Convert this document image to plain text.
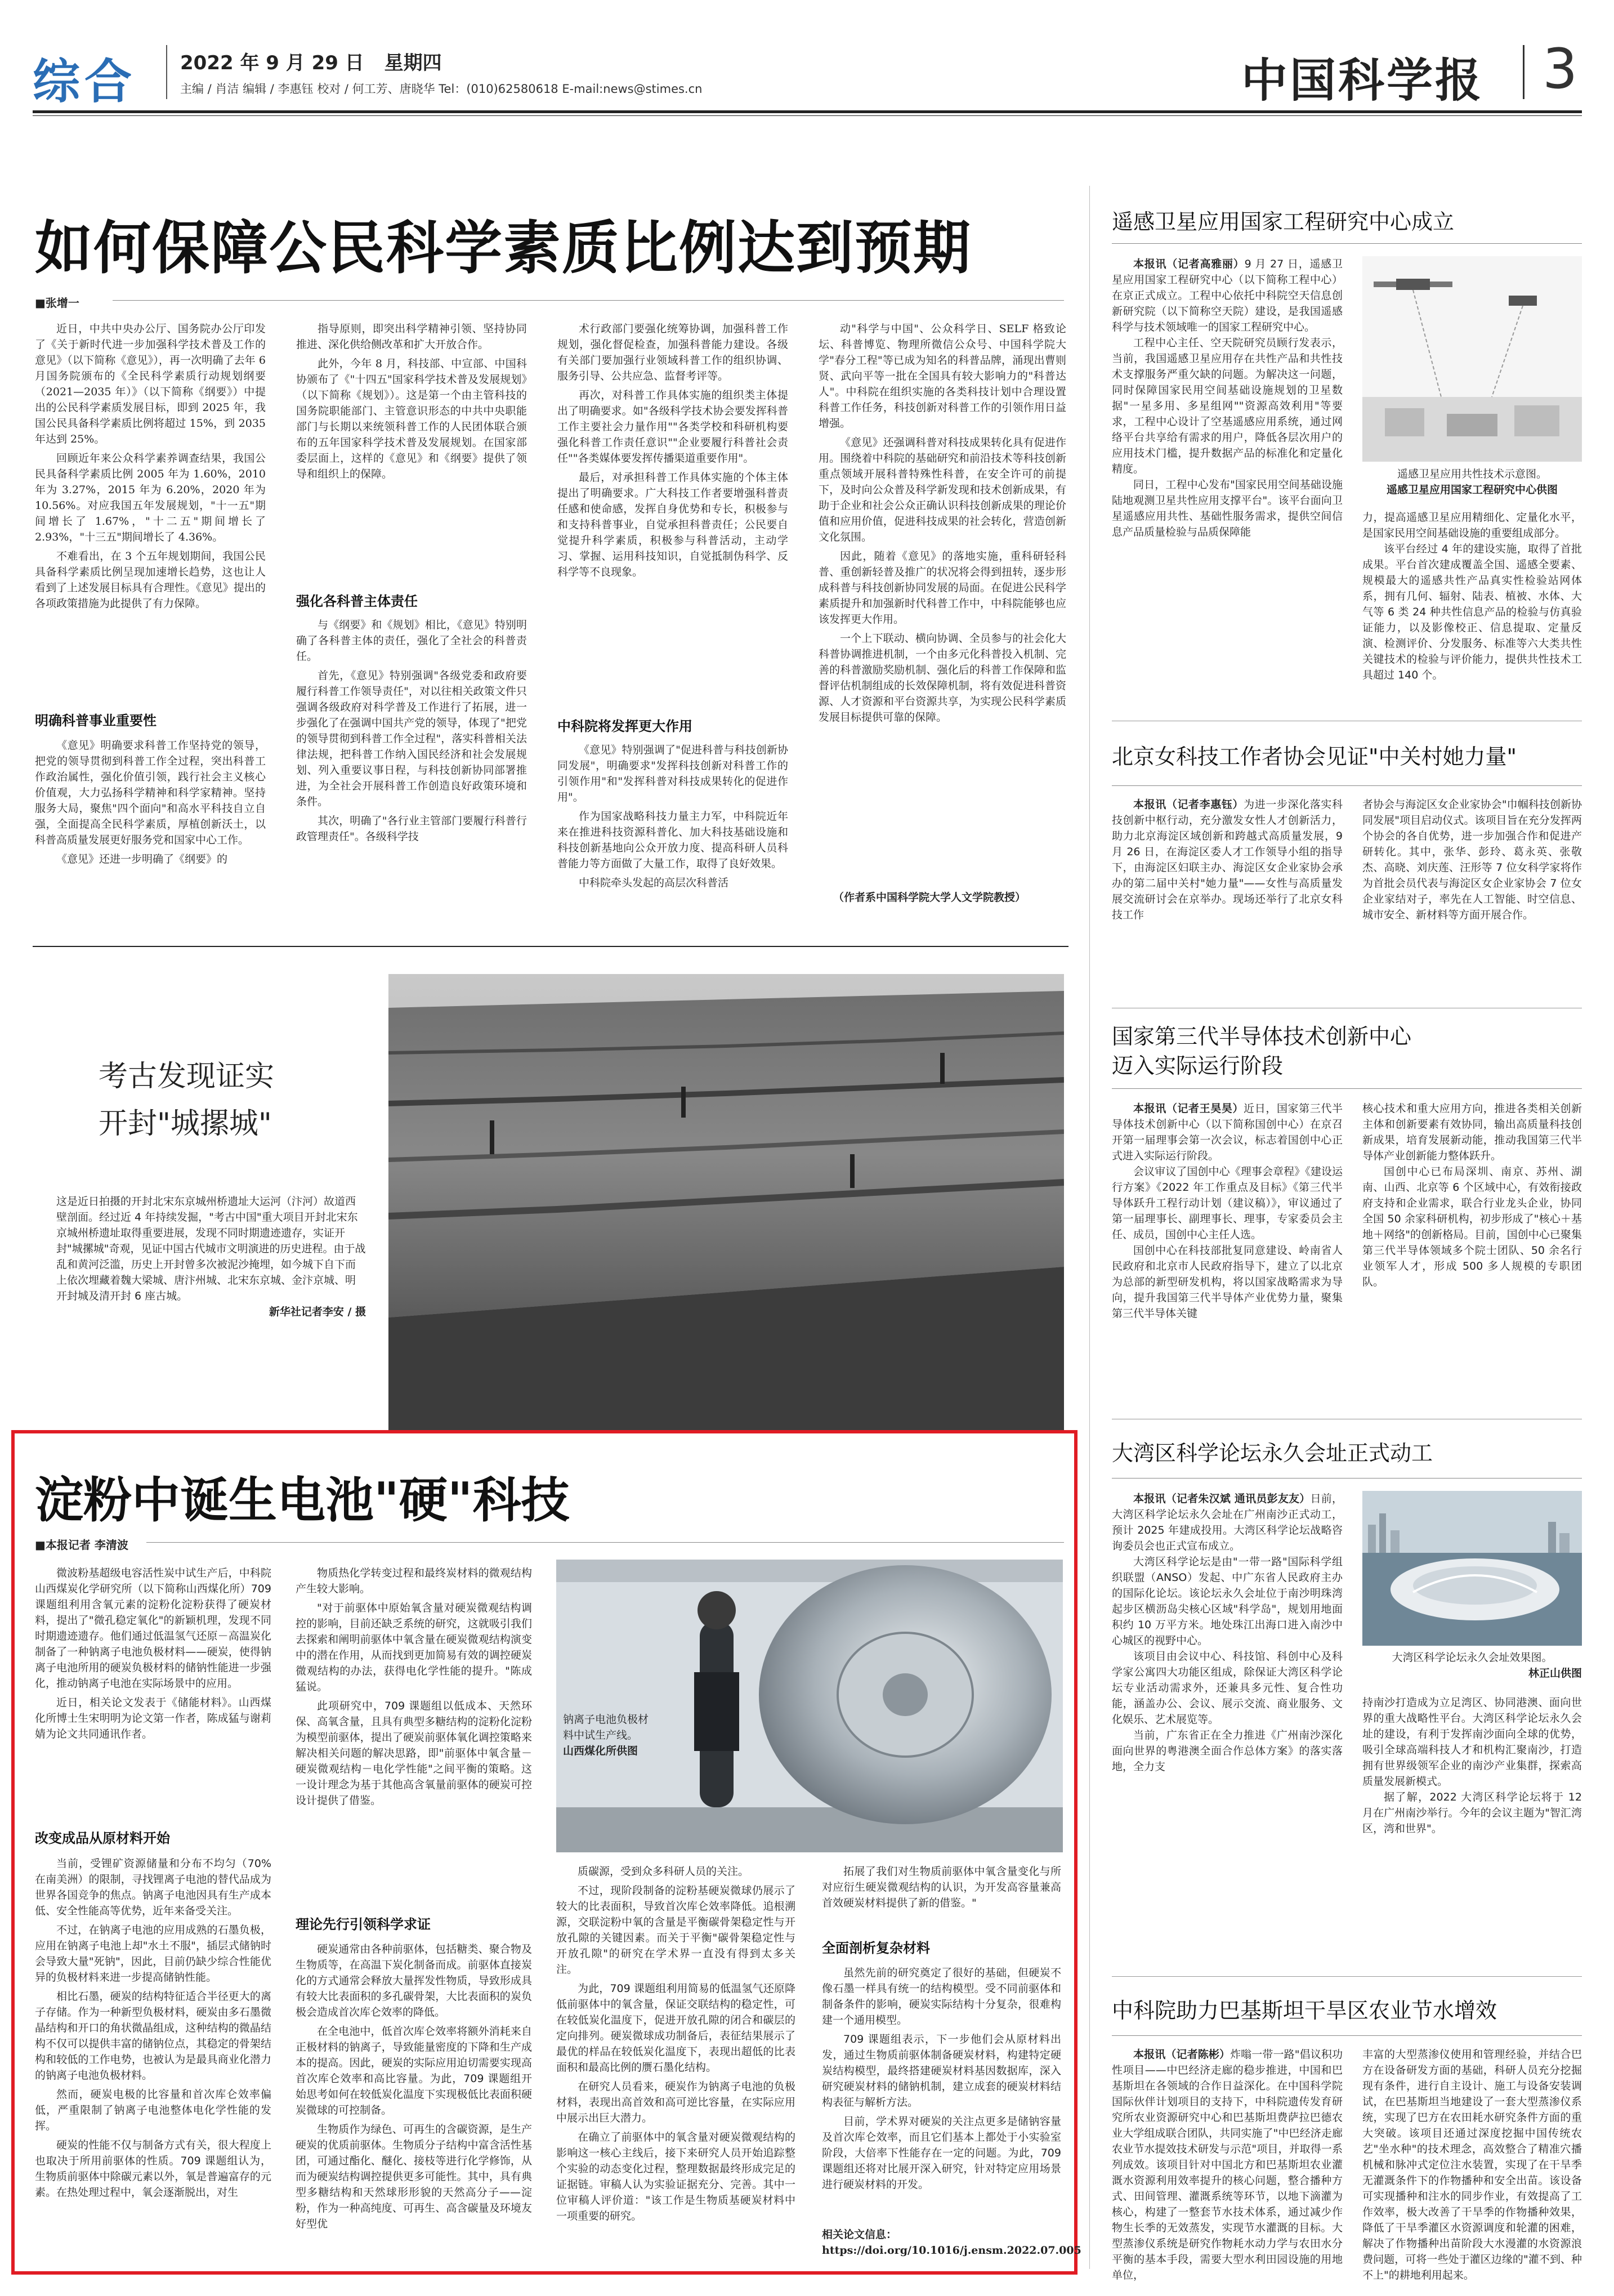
综合 2022 年 9 月 29 日 星期四
主编 / 肖洁 编辑 / 李惠钰 校对 / 何工芳、唐晓华 Tel：(010)62580618 E-mail:news@stimes.cn	中国科学报 3
如何保障公民科学素质比例达到预期
■张增一

近日，中共中央办公厅、国务院办公厅印发了《关于新时代进一步加强科学技术普及工作的意见》（以下简称《意见》），再一次明确了去年 6 月国务院颁布的《全民科学素质行动规划纲要（2021—2035 年）》（以下简称《纲要》）中提出的公民科学素质发展目标，即到 2025 年，我国公民具备科学素质比例将超过 15%，到 2035 年达到 25%。

回顾近年来公众科学素养调查结果，我国公民具备科学素质比例 2005 年为 1.60%，2010 年为 3.27%，2015 年为 6.20%，2020 年为 10.56%。对应我国五年发展规划，"十一五"期间增长了 1.67%，"十二五"期间增长了 2.93%，"十三五"期间增长了 4.36%。

不难看出，在 3 个五年规划期间，我国公民具备科学素质比例呈现加速增长趋势，这也让人看到了上述发展目标具有合理性。《意见》提出的各项政策措施为此提供了有力保障。

明确科普事业重要性

《意见》明确要求科普工作坚持党的领导，把党的领导贯彻到科普工作全过程，突出科普工作政治属性，强化价值引领，践行社会主义核心价值观，大力弘扬科学精神和科学家精神。坚持服务大局，聚焦"四个面向"和高水平科技自立自强，全面提高全民科学素质，厚植创新沃土，以科普高质量发展更好服务党和国家中心工作。

《意见》还进一步明确了《纲要》的

指导原则，即突出科学精神引领、坚持协同推进、深化供给侧改革和扩大开放合作。

此外，今年 8 月，科技部、中宣部、中国科协颁布了《"十四五"国家科学技术普及发展规划》（以下简称《规划》）。这是第一个由主管科技的国务院职能部门、主管意识形态的中共中央职能部门与长期以来统领科普工作的人民团体联合颁布的五年国家科学技术普及发展规划。在国家部委层面上，这样的《意见》和《纲要》提供了领导和组织上的保障。

强化各科普主体责任

与《纲要》和《规划》相比，《意见》特别明确了各科普主体的责任，强化了全社会的科普责任。

首先，《意见》特别强调"各级党委和政府要履行科普工作领导责任"，对以往相关政策文件只强调各级政府对科学普及工作进行了拓展，进一步强化了在强调中国共产党的领导，体现了"把党的领导贯彻到科普工作全过程"，落实科普相关法律法规，把科普工作纳入国民经济和社会发展规划、列入重要议事日程，与科技创新协同部署推进，为全社会开展科普工作创造良好政策环境和条件。

其次，明确了"各行业主管部门要履行科普行政管理责任"。各级科学技

术行政部门要强化统筹协调，加强科普工作规划，强化督促检查，加强科普能力建设。各级有关部门要加强行业领域科普工作的组织协调、服务引导、公共应急、监督考评等。

再次，对科普工作具体实施的组织类主体提出了明确要求。如"各级科学技术协会要发挥科普工作主要社会力量作用""各类学校和科研机构要强化科普工作责任意识""企业要履行科普社会责任""各类媒体要发挥传播渠道重要作用"。

最后，对承担科普工作具体实施的个体主体提出了明确要求。广大科技工作者要增强科普责任感和使命感，发挥自身优势和专长，积极参与和支持科普事业，自觉承担科普责任；公民要自觉提升科学素质，积极参与科普活动，主动学习、掌握、运用科技知识，自觉抵制伪科学、反科学等不良现象。

中科院将发挥更大作用

《意见》特别强调了"促进科普与科技创新协同发展"，明确要求"发挥科技创新对科普工作的引领作用"和"发挥科普对科技成果转化的促进作用"。

作为国家战略科技力量主力军，中科院近年来在推进科技资源科普化、加大科技基础设施和科技创新基地向公众开放力度、提高科研人员科普能力等方面做了大量工作，取得了良好效果。

中科院牵头发起的高层次科普活

动"科学与中国"、公众科学日、SELF 格致论坛、科普博览、物理所微信公众号、中国科学院大学"春分工程"等已成为知名的科普品牌，涌现出曹则贤、武向平等一批在全国具有较大影响力的"科普达人"。中科院在组织实施的各类科技计划中合理设置科普工作任务，科技创新对科普工作的引领作用日益增强。

《意见》还强调科普对科技成果转化具有促进作用。围绕着中科院的基础研究和前沿技术等科技创新重点领域开展科普特殊性科普，在安全许可的前提下，及时向公众普及科学新发现和技术创新成果，有助于企业和社会公众正确认识科技创新成果的理论价值和应用价值，促进科技成果的社会转化，营造创新文化氛围。

因此，随着《意见》的落地实施，重科研轻科普、重创新轻普及推广的状况将会得到扭转，逐步形成科普与科技创新协同发展的局面。在促进公民科学素质提升和加强新时代科普工作中，中科院能够也应该发挥更大作用。

一个上下联动、横向协调、全员参与的社会化大科普协调推进机制，一个由多元化科普投入机制、完善的科普激励奖励机制、强化后的科普工作保障和监督评估机制组成的长效保障机制，将有效促进科普资源、人才资源和平台资源共享，为实现公民科学素质发展目标提供可靠的保障。

（作者系中国科学院大学人文学院教授）
考古发现证实
开封"城摞城"
这是近日拍摄的开封北宋东京城州桥遗址大运河（汴河）故道西壁剖面。经过近 4 年持续发掘，"考古中国"重大项目开封北宋东京城州桥遗址取得重要进展，发现不同时期遗迹遗存，实证开封"城摞城"奇观，见证中国古代城市文明演进的历史进程。由于战乱和黄河泛滥，历史上开封曾多次被泥沙掩埋，如今城下自下而上依次埋藏着魏大梁城、唐汴州城、北宋东京城、金汴京城、明开封城及清开封 6 座古城。
新华社记者李安 / 摄
淀粉中诞生电池"硬"科技
■本报记者 李清波

微波粉基超级电容活性炭中试生产后，中科院山西煤炭化学研究所（以下简称山西煤化所）709 课题组利用含氧元素的淀粉化淀粉获得了硬炭材料，提出了"微孔稳定氧化"的新颖机理，发现不同时期遗迹遗存。他们通过低温氢气还原－高温炭化制备了一种钠离子电池负极材料——硬炭，使得钠离子电池所用的硬炭负极材料的储钠性能进一步强化，推动钠离子电池在实际场景中的应用。

近日，相关论文发表于《储能材料》。山西煤化所博士生宋明明为论文第一作者，陈成猛与谢莉婧为论文共同通讯作者。

改变成品从原材料开始

当前，受锂矿资源储量和分布不均匀（70%在南美洲）的限制，寻找锂离子电池的替代品成为世界各国竞争的焦点。钠离子电池因具有生产成本低、安全性能高等优势，近年来备受关注。

不过，在钠离子电池的应用成熟的石墨负极，应用在钠离子电池上却"水土不服"，插层式储钠时会导致大量"死钠"，因此，目前仍缺少综合性能优异的负极材料来进一步提高储钠性能。

相比石墨，硬炭的结构特征适合半径更大的离子存储。作为一种新型负极材料，硬炭由多石墨微晶结构和开口的角状微晶组成，这种结构的微晶结构不仅可以提供丰富的储钠位点，其稳定的骨架结构和较低的工作电势，也被认为是最具商业化潜力的钠离子电池负极材料。

然而，硬炭电极的比容量和首次库仑效率偏低，严重限制了钠离子电池整体电化学性能的发挥。

硬炭的性能不仅与制备方式有关，很大程度上也取决于所用前驱体的性质。709 课题组认为，生物质前驱体中除碳元素以外，氧是普遍富存的元素。在热处理过程中，氧会逐渐脱出，对生

物质热化学转变过程和最终炭材料的微观结构产生较大影响。

"对于前驱体中原始氧含量对硬炭微观结构调控的影响，目前还缺乏系统的研究，这就吸引我们去探索和阐明前驱体中氧含量在硬炭微观结构演变中的潜在作用，从而找到更加简易有效的调控硬炭微观结构的办法，获得电化学性能的提升。"陈成猛说。

此项研究中，709 课题组以低成本、天然环保、高氧含量，且具有典型多糖结构的淀粉化淀粉为模型前驱体，提出了硬炭前驱体氧化调控策略来解决相关问题的解决思路，即"前驱体中氧含量－硬炭微观结构－电化学性能"之间平衡的策略。这一设计理念为基于其他高含氧量前驱体的硬炭可控设计提供了借鉴。

理论先行引领科学求证

硬炭通常由各种前驱体，包括糖类、聚合物及生物质等，在高温下炭化制备而成。前驱体直接炭化的方式通常会释放大量挥发性物质，导致形成具有较大比表面积的多孔碳骨架，大比表面积的炭负极会造成首次库仑效率的降低。

在全电池中，低首次库仑效率将额外消耗来自正极材料的钠离子，导致能量密度的下降和生产成本的提高。因此，硬炭的实际应用迫切需要实现高首次库仑效率和高比容量。为此，709 课题组开始思考如何在较低炭化温度下实现极低比表面积硬炭微球的可控制备。

生物质作为绿色、可再生的含碳资源，是生产硬炭的优质前驱体。生物质分子结构中富含活性基团，可通过酯化、醚化、接枝等进行化学修饰，从而为硬炭结构调控提供更多可能性。其中，具有典型多糖结构和天然球形形貌的天然高分子——淀粉，作为一种高纯度、可再生、高含碳量及环境友好型优

钠离子电池负极材料中试生产线。
山西煤化所供图

质碳源，受到众多科研人员的关注。

不过，现阶段制备的淀粉基硬炭微球仍展示了较大的比表面积，导致首次库仑效率降低。追根溯源，交联淀粉中氧的含量是平衡碳骨架稳定性与开放孔隙的关键因素。而关于平衡"碳骨架稳定性与开放孔隙"的研究在学术界一直没有得到太多关注。

为此，709 课题组利用简易的低温氢气还原降低前驱体中的氧含量，保证交联结构的稳定性，可在较低炭化温度下，促进开放孔隙的闭合和碳层的定向排列。硬炭微球成功制备后，表征结果展示了最优的样品在较低炭化温度下，表现出超低的比表面积和最高比例的赝石墨化结构。

在研究人员看来，硬炭作为钠离子电池的负极材料，表现出高首效和高可逆比容量，在实际应用中展示出巨大潜力。

在确立了前驱体中的氧含量对硬炭微观结构的影响这一核心主线后，接下来研究人员开始追踪整个实验的动态变化过程，整理数据最终形成完足的证据链。审稿人认为实验证据充分、完善。其中一位审稿人评价道："该工作是生物质基硬炭材料中一项重要的研究。

拓展了我们对生物质前驱体中氧含量变化与所对应衍生硬炭微观结构的认识，为开发高容量兼高首效硬炭材料提供了新的借鉴。"

全面剖析复杂材料

虽然先前的研究奠定了很好的基础，但硬炭不像石墨一样具有统一的结构模型。受不同前驱体和制备条件的影响，硬炭实际结构十分复杂，很难构建一个通用模型。

709 课题组表示，下一步他们会从原材料出发，通过生物质前驱体制备硬炭材料，构建特定硬炭结构模型，最终搭建硬炭材料基因数据库，深入研究硬炭材料的储钠机制，建立成套的硬炭材料结构表征与解析方法。

目前，学术界对硬炭的关注点更多是储钠容量及首次库仑效率，而且它们基本上都处于小实验室阶段，大倍率下性能存在一定的问题。为此，709 课题组还将对比展开深入研究，针对特定应用场景进行硬炭材料的开发。

相关论文信息：https://doi.org/10.1016/j.ensm.2022.07.005
遥感卫星应用国家工程研究中心成立

本报讯（记者高雅丽）9 月 27 日，遥感卫星应用国家工程研究中心（以下简称工程中心）在京正式成立。工程中心依托中科院空天信息创新研究院（以下简称空天院）建设，是我国遥感科学与技术领域唯一的国家工程研究中心。

工程中心主任、空天院研究员顾行发表示，当前，我国遥感卫星应用存在共性产品和共性技术支撑服务严重欠缺的问题。为解决这一问题，同时保障国家民用空间基础设施规划的卫星数据"一星多用、多星组网""资源高效利用"等要求，工程中心设计了空基遥感应用系统，通过网络平台共享给有需求的用户，降低各层次用户的应用技术门槛，提升数据产品的标准化和定量化精度。

同日，工程中心发布"国家民用空间基础设施陆地观测卫星共性应用支撑平台"。该平台面向卫星遥感应用共性、基础性服务需求，提供空间信息产品质量检验与品质保障能

遥感卫星应用共性技术示意图。
遥感卫星应用国家工程研究中心供图

力，提高遥感卫星应用精细化、定量化水平，是国家民用空间基础设施的重要组成部分。

该平台经过 4 年的建设实施，取得了首批成果。平台首次建成覆盖全国、遥感全要素、规模最大的遥感共性产品真实性检验站网体系，拥有几何、辐射、陆表、植被、水体、大气等 6 类 24 种共性信息产品的检验与仿真验证能力，以及影像校正、信息提取、定量反演、检测评价、分发服务、标准等六大类共性关键技术的检验与评价能力，提供共性技术工具超过 140 个。

北京女科技工作者协会见证"中关村她力量"

本报讯（记者李惠钰）为进一步深化落实科技创新中枢行动，充分激发女性人才创新活力，助力北京海淀区域创新和跨越式高质量发展，9 月 26 日，在海淀区委人才工作领导小组的指导下，由海淀区妇联主办、海淀区女企业家协会承办的第二届中关村"她力量"——女性与高质量发展交流研讨会在京举办。现场还举行了北京女科技工作

者协会与海淀区女企业家协会"巾帼科技创新协同发展"项目启动仪式。该项目旨在充分发挥两个协会的各自优势，进一步加强合作和促进产研转化。其中，张华、彭玲、葛永英、张敬杰、高晓、刘庆莲、汪形等 7 位女科学家将作为首批会员代表与海淀区女企业家协会 7 位女企业家结对子，率先在人工智能、时空信息、城市安全、新材料等方面开展合作。

国家第三代半导体技术创新中心
迈入实际运行阶段

本报讯（记者王昊昊）近日，国家第三代半导体技术创新中心（以下简称国创中心）在京召开第一届理事会第一次会议，标志着国创中心正式进入实际运行阶段。

会议审议了国创中心《理事会章程》《建设运行方案》《2022 年工作重点及目标》《第三代半导体跃升工程行动计划（建议稿）》，审议通过了第一届理事长、副理事长、理事，专家委员会主任、成员，国创中心主任人选。

国创中心在科技部批复同意建设、岭南省人民政府和北京市人民政府指导下，建立了以北京为总部的新型研发机构，将以国家战略需求为导向，提升我国第三代半导体产业优势力量，聚集第三代半导体关键

核心技术和重大应用方向，推进各类相关创新主体和创新要素有效协同，输出高质量科技创新成果，培育发展新动能，推动我国第三代半导体产业创新能力整体跃升。

国创中心已布局深圳、南京、苏州、湖南、山西、北京等 6 个区域中心，有效衔接政府支持和企业需求，联合行业龙头企业，协同全国 50 余家科研机构，初步形成了"核心＋基地＋网络"的创新格局。目前，国创中心已聚集第三代半导体领域多个院士团队、50 余名行业领军人才，形成 500 多人规模的专职团队。

大湾区科学论坛永久会址正式动工

本报讯（记者朱汉斌 通讯员彭友友）日前，大湾区科学论坛永久会址在广州南沙正式动工，预计 2025 年建成投用。大湾区科学论坛战略咨询委员会也正式宣布成立。

大湾区科学论坛是由"一带一路"国际科学组织联盟（ANSO）发起、中广东省人民政府主办的国际化论坛。该论坛永久会址位于南沙明珠湾起步区横沥岛尖核心区域"科学岛"，规划用地面积约 10 万平方米。地处珠江出海口进入南沙中心城区的视野中心。

该项目由会议中心、科技馆、科创中心及科学家公寓四大功能区组成，除保证大湾区科学论坛专业活动需求外，还兼具多元性、复合性功能，涵盖办公、会议、展示交流、商业服务、文化娱乐、艺术展览等。

当前，广东省正在全力推进《广州南沙深化面向世界的粤港澳全面合作总体方案》的落实落地，全力支

大湾区科学论坛永久会址效果图。
林正山供图

持南沙打造成为立足湾区、协同港澳、面向世界的重大战略性平台。大湾区科学论坛永久会址的建设，有利于发挥南沙面向全球的优势，吸引全球高端科技人才和机构汇聚南沙，打造拥有世界级领军企业的南沙产业集群，探索高质量发展新模式。

据了解，2022 大湾区科学论坛将于 12 月在广州南沙举行。今年的会议主题为"智汇湾区，湾和世界"。

中科院助力巴基斯坦干旱区农业节水增效

本报讯（记者陈彬）炸嗡一带一路"倡议积功性项目——中巴经济走廊的稳步推进，中国和巴基斯坦在各领域的合作日益深化。在中国科学院国际伙伴计划项目的支持下，中科院遗传发育研究所农业资源研究中心和巴基斯坦费萨拉巴德农业大学组成联合团队，共同实施了"中巴经济走廊农业节水提效技术研发与示范"项目，并取得一系列成效。该项目针对中国北方和巴基斯坦农业灌溉水资源利用效率提升的核心问题，整合播种方式、田间管理、灌溉系统等环节，以地下滴灌为核心，构建了一整套节水技术体系，通过减少作物生长季的无效蒸发，实现节水灌溉的目标。大型蒸渗仪系统是研究作物耗水动力学与农田水分平衡的基本手段，需要大型水利田园设施的用地单位，

丰富的大型蒸渗仪使用和管理经验，并结合巴方在设备研发方面的基础，科研人员充分挖掘现有条件，进行自主设计、施工与设备安装调试，在巴基斯坦当地建设了一套大型蒸渗仪系统，实现了巴方在农田耗水研究条件方面的重大突破。该项目还通过深度挖掘中国传统农艺"坐水种"的技术理念，高效整合了精准穴播机械和脉冲式定位注水装置，实现了在干旱季无灌溉条件下的作物播种和安全出苗。该设备可实现播种和注水的同步作业，有效提高了工作效率，极大改善了干旱季的作物播种效果，降低了干旱季灌区水资源调度和轮灌的困难，解决了作物播种出苗阶段大水漫灌的水资源浪费问题，可将一些处于灌区边缘的"灌不到、种不上"的耕地利用起来。
